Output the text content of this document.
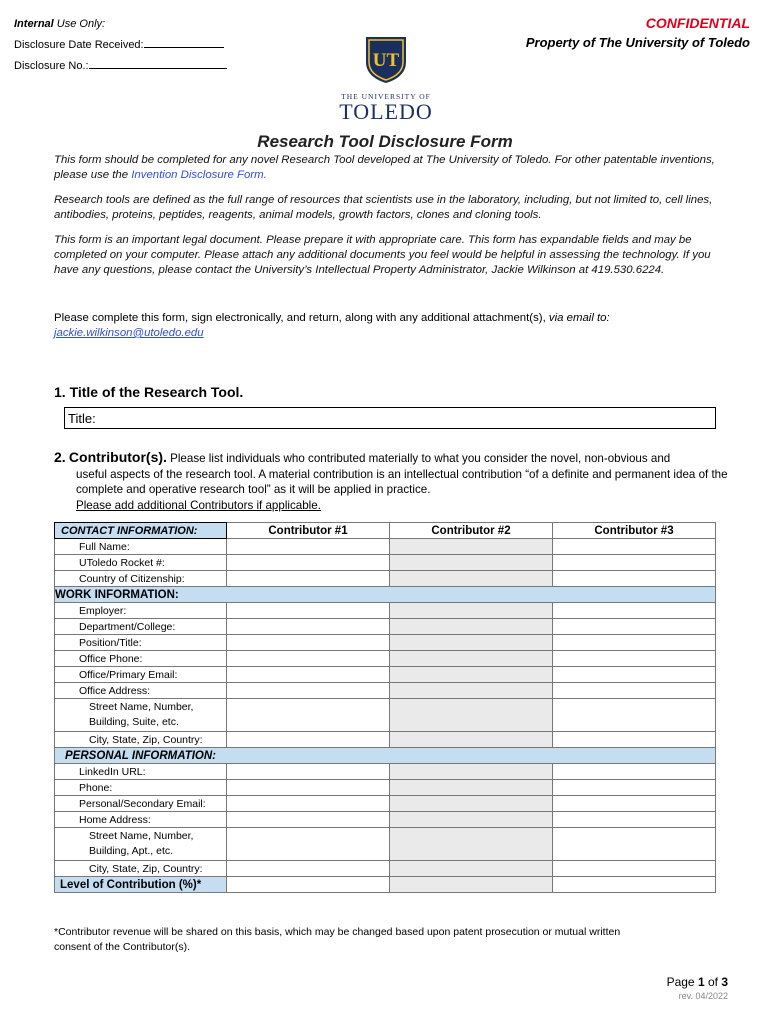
Internal Use Only:
Disclosure Date Received:
Disclosure No.:
CONFIDENTIAL
Property of The University of Toledo
UT
THE UNIVERSITY OF
TOLEDO
Research Tool Disclosure Form
This form should be completed for any novel Research Tool developed at The University of Toledo. For other patentable inventions, please use the Invention Disclosure Form.
Research tools are defined as the full range of resources that scientists use in the laboratory, including, but not limited to, cell lines, antibodies, proteins, peptides, reagents, animal models, growth factors, clones and cloning tools.
This form is an important legal document. Please prepare it with appropriate care. This form has expandable fields and may be completed on your computer. Please attach any additional documents you feel would be helpful in assessing the technology. If you have any questions, please contact the University’s Intellectual Property Administrator, Jackie Wilkinson at 419.530.6224.
Please complete this form, sign electronically, and return, along with any additional attachment(s), via email to:
jackie.wilkinson@utoledo.edu
1. Title of the Research Tool.
Title:
2. Contributor(s). Please list individuals who contributed materially to what you consider the novel, non-obvious and
useful aspects of the research tool. A material contribution is an intellectual contribution “of a definite and permanent idea of the complete and operative research tool” as it will be applied in practice.
Please add additional Contributors if applicable.
CONTACT INFORMATION:	Contributor #1	Contributor #2	Contributor #3
Full Name:			
UToledo Rocket #:			
Country of Citizenship:			
WORK INFORMATION:			
Employer:			
Department/College:			
Position/Title:			
Office Phone:			
Office/Primary Email:			
Office Address:			
Street Name, Number, Building, Suite, etc.			
City, State, Zip, Country:			
PERSONAL INFORMATION:			
LinkedIn URL:			
Phone:			
Personal/Secondary Email:			
Home Address:			
Street Name, Number, Building, Apt., etc.			
City, State, Zip, Country:			
Level of Contribution (%)*			
*Contributor revenue will be shared on this basis, which may be changed based upon patent prosecution or mutual written consent of the Contributor(s).
Page 1 of 3
rev. 04/2022
